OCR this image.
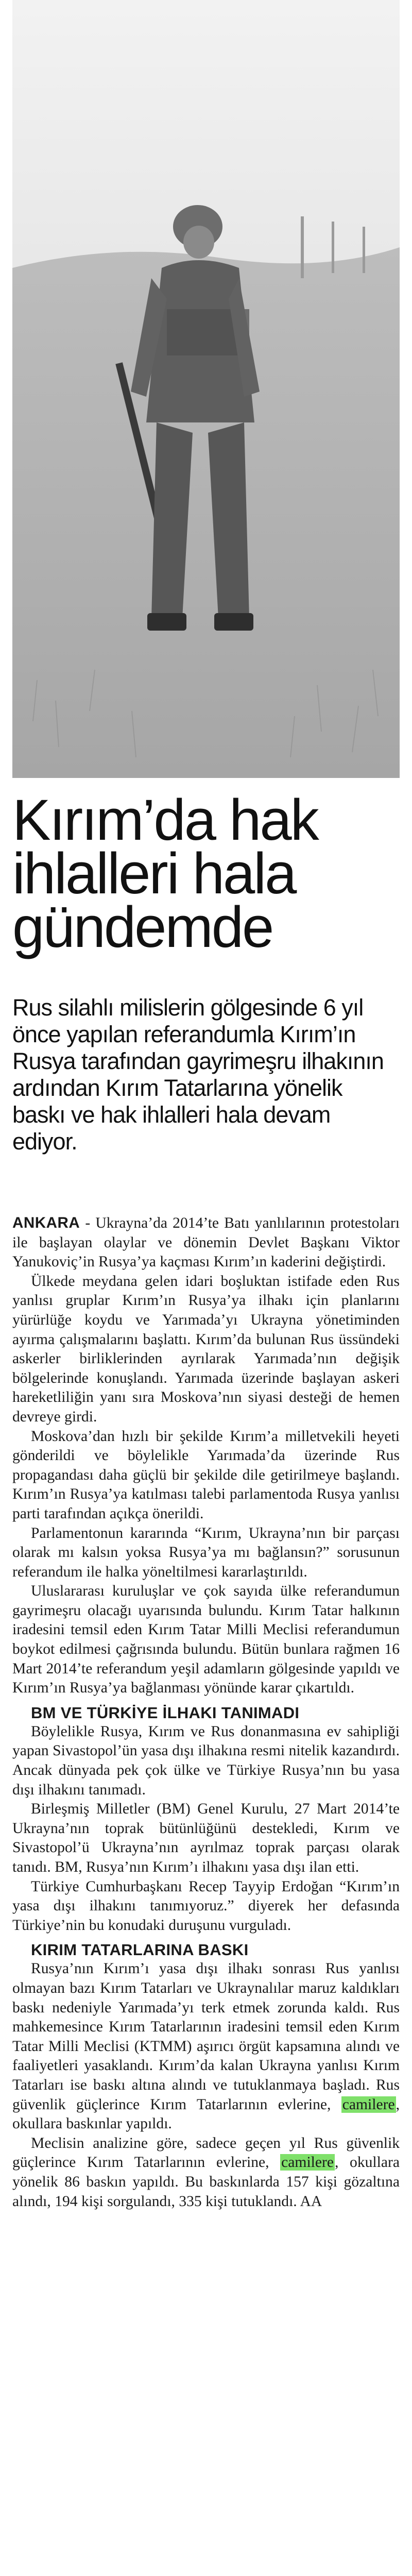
Kırım’da hak
ihlalleri hala
gündemde

Rus silahlı milislerin gölgesinde 6 yıl önce yapılan referandumla Kırım’ın Rusya tarafından gayrimeşru ilhakının ardından Kırım Tatarlarına yönelik baskı ve hak ihlalleri hala devam ediyor.

ANKARA - Ukrayna’da 2014’te Batı yanlılarının protestoları ile başlayan olaylar ve dönemin Devlet Başkanı Viktor Yanukoviç’in Rusya’ya kaçması Kırım’ın kaderini değiştirdi.

Ülkede meydana gelen idari boşluktan istifade eden Rus yanlısı gruplar Kırım’ın Rusya’ya ilhakı için planlarını yürürlüğe koydu ve Yarımada’yı Ukrayna yönetiminden ayırma çalışmalarını başlattı. Kırım’da bulunan Rus üssündeki askerler birliklerinden ayrılarak Yarımada’nın değişik bölgelerinde konuşlandı. Yarımada üzerinde başlayan askeri hareketliliğin yanı sıra Moskova’nın siyasi desteği de hemen devreye girdi.

Moskova’dan hızlı bir şekilde Kırım’a milletvekili heyeti gönderildi ve böylelikle Yarımada’da üzerinde Rus propagandası daha güçlü bir şekilde dile getirilmeye başlandı. Kırım’ın Rusya’ya katılması talebi parlamentoda Rusya yanlısı parti tarafından açıkça önerildi.

Parlamentonun kararında “Kırım, Ukrayna’nın bir parçası olarak mı kalsın yoksa Rusya’ya mı bağlansın?” sorusunun referandum ile halka yöneltilmesi kararlaştırıldı.

Uluslararası kuruluşlar ve çok sayıda ülke referandumun gayrimeşru olacağı uyarısında bulundu. Kırım Tatar halkının iradesini temsil eden Kırım Tatar Milli Meclisi referandumun boykot edilmesi çağrısında bulundu. Bütün bunlara rağmen 16 Mart 2014’te referandum yeşil adamların gölgesinde yapıldı ve Kırım’ın Rusya’ya bağlanması yönünde karar çıkartıldı.

BM VE TÜRKİYE İLHAKI TANIMADI

Böylelikle Rusya, Kırım ve Rus donanmasına ev sahipliği yapan Sivastopol’ün yasa dışı ilhakına resmi nitelik kazandırdı. Ancak dünyada pek çok ülke ve Türkiye Rusya’nın bu yasa dışı ilhakını tanımadı.

Birleşmiş Milletler (BM) Genel Kurulu, 27 Mart 2014’te Ukrayna’nın toprak bütünlüğünü destekledi, Kırım ve Sivastopol’ü Ukrayna’nın ayrılmaz toprak parçası olarak tanıdı. BM, Rusya’nın Kırım’ı ilhakını yasa dışı ilan etti.

Türkiye Cumhurbaşkanı Recep Tayyip Erdoğan “Kırım’ın yasa dışı ilhakını tanımıyoruz.” diyerek her defasında Türkiye’nin bu konudaki duruşunu vurguladı.

KIRIM TATARLARINA BASKI

Rusya’nın Kırım’ı yasa dışı ilhakı sonrası Rus yanlısı olmayan bazı Kırım Tatarları ve Ukraynalılar maruz kaldıkları baskı nedeniyle Yarımada’yı terk etmek zorunda kaldı. Rus mahkemesince Kırım Tatarlarının iradesini temsil eden Kırım Tatar Milli Meclisi (KTMM) aşırıcı örgüt kapsamına alındı ve faaliyetleri yasaklandı. Kırım’da kalan Ukrayna yanlısı Kırım Tatarları ise baskı altına alındı ve tutuklanmaya başladı. Rus güvenlik güçlerince Kırım Tatarlarının evlerine, camilere, okullara baskınlar yapıldı.

Meclisin analizine göre, sadece geçen yıl Rus güvenlik güçlerince Kırım Tatarlarının evlerine, camilere, okullara yönelik 86 baskın yapıldı. Bu baskınlarda 157 kişi gözaltına alındı, 194 kişi sorgulandı, 335 kişi tutuklandı. AA
